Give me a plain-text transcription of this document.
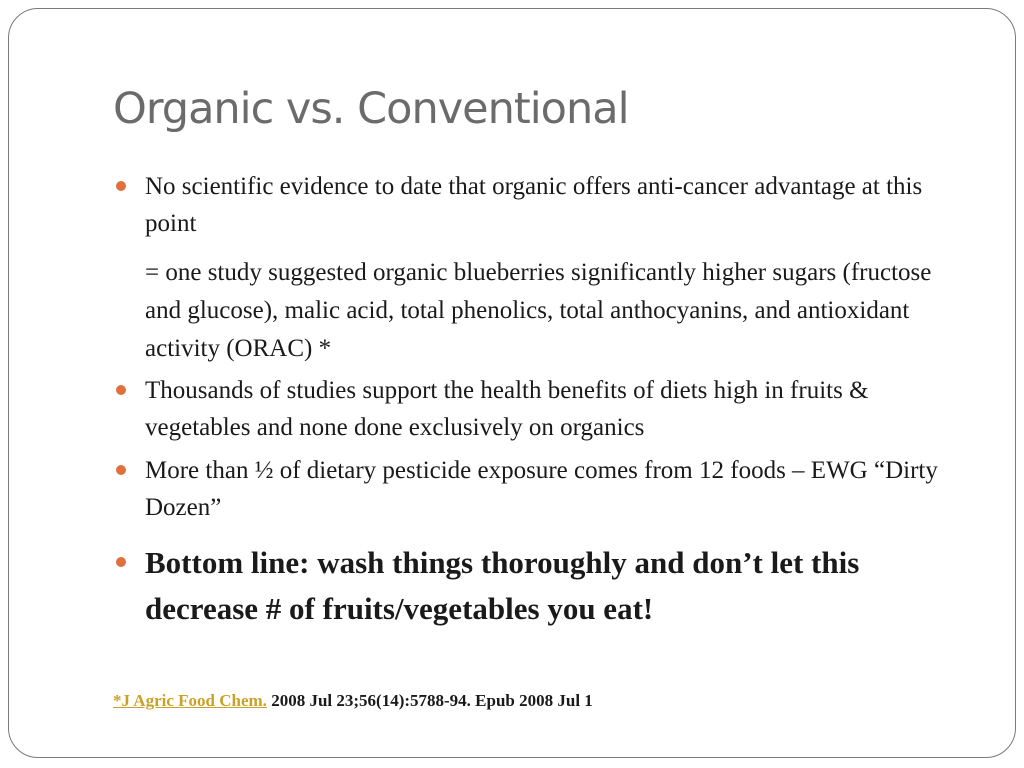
Organic vs. Conventional
No scientific evidence to date that organic offers anti-cancer advantage at this point
= one study suggested organic blueberries significantly higher sugars (fructose and glucose), malic acid, total phenolics, total anthocyanins, and antioxidant activity (ORAC) *
Thousands of studies support the health benefits of diets high in fruits & vegetables and none done exclusively on organics
More than ½ of dietary pesticide exposure comes from 12 foods – EWG “Dirty Dozen”
Bottom line: wash things thoroughly and don’t let this decrease # of fruits/vegetables you eat!
*J Agric Food Chem. 2008 Jul 23;56(14):5788-94. Epub 2008 Jul 1
